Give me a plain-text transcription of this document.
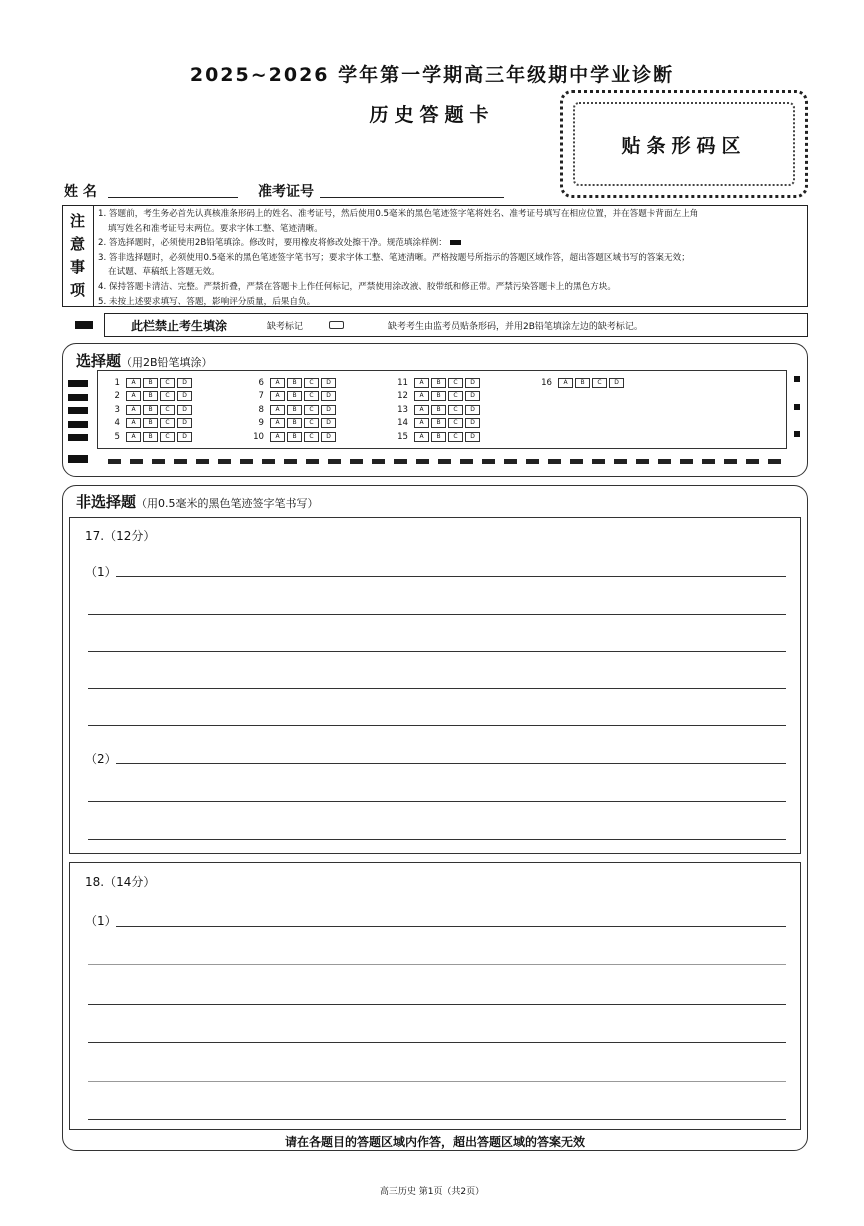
2025~2026 学年第一学期高三年级期中学业诊断
历史答题卡
贴条形码区
姓 名	准考证号
注
意
事
项
1. 答题前，考生务必首先认真核准条形码上的姓名、准考证号，然后使用0.5毫米的黑色笔迹签字笔将姓名、准考证号填写在相应位置，并在答题卡背面左上角
填写姓名和准考证号末两位。要求字体工整、笔迹清晰。
2. 答选择题时，必须使用2B铅笔填涂。修改时，要用橡皮将修改处擦干净。规范填涂样例：
3. 答非选择题时，必须使用0.5毫米的黑色笔迹签字笔书写；要求字体工整、笔迹清晰。严格按题号所指示的答题区域作答，超出答题区域书写的答案无效；
在试题、草稿纸上答题无效。
4. 保持答题卡清洁、完整。严禁折叠，严禁在答题卡上作任何标记，严禁使用涂改液、胶带纸和修正带。严禁污染答题卡上的黑色方块。
5. 未按上述要求填写、答题，影响评分质量，后果自负。
此栏禁止考生填涂	缺考标记	缺考考生由监考员贴条形码，并用2B铅笔填涂左边的缺考标记。
选择题（用2B铅笔填涂）
1	A	B	C	D
2	A	B	C	D
3	A	B	C	D
4	A	B	C	D
5	A	B	C	D
6	A	B	C	D
7	A	B	C	D
8	A	B	C	D
9	A	B	C	D
10	A	B	C	D
11	A	B	C	D
12	A	B	C	D
13	A	B	C	D
14	A	B	C	D
15	A	B	C	D
16	A	B	C	D
非选择题（用0.5毫米的黑色笔迹签字笔书写）
17.（12分）
（1）
（2）
18.（14分）
（1）
请在各题目的答题区域内作答，超出答题区域的答案无效
高三历史 第1页（共2页）
